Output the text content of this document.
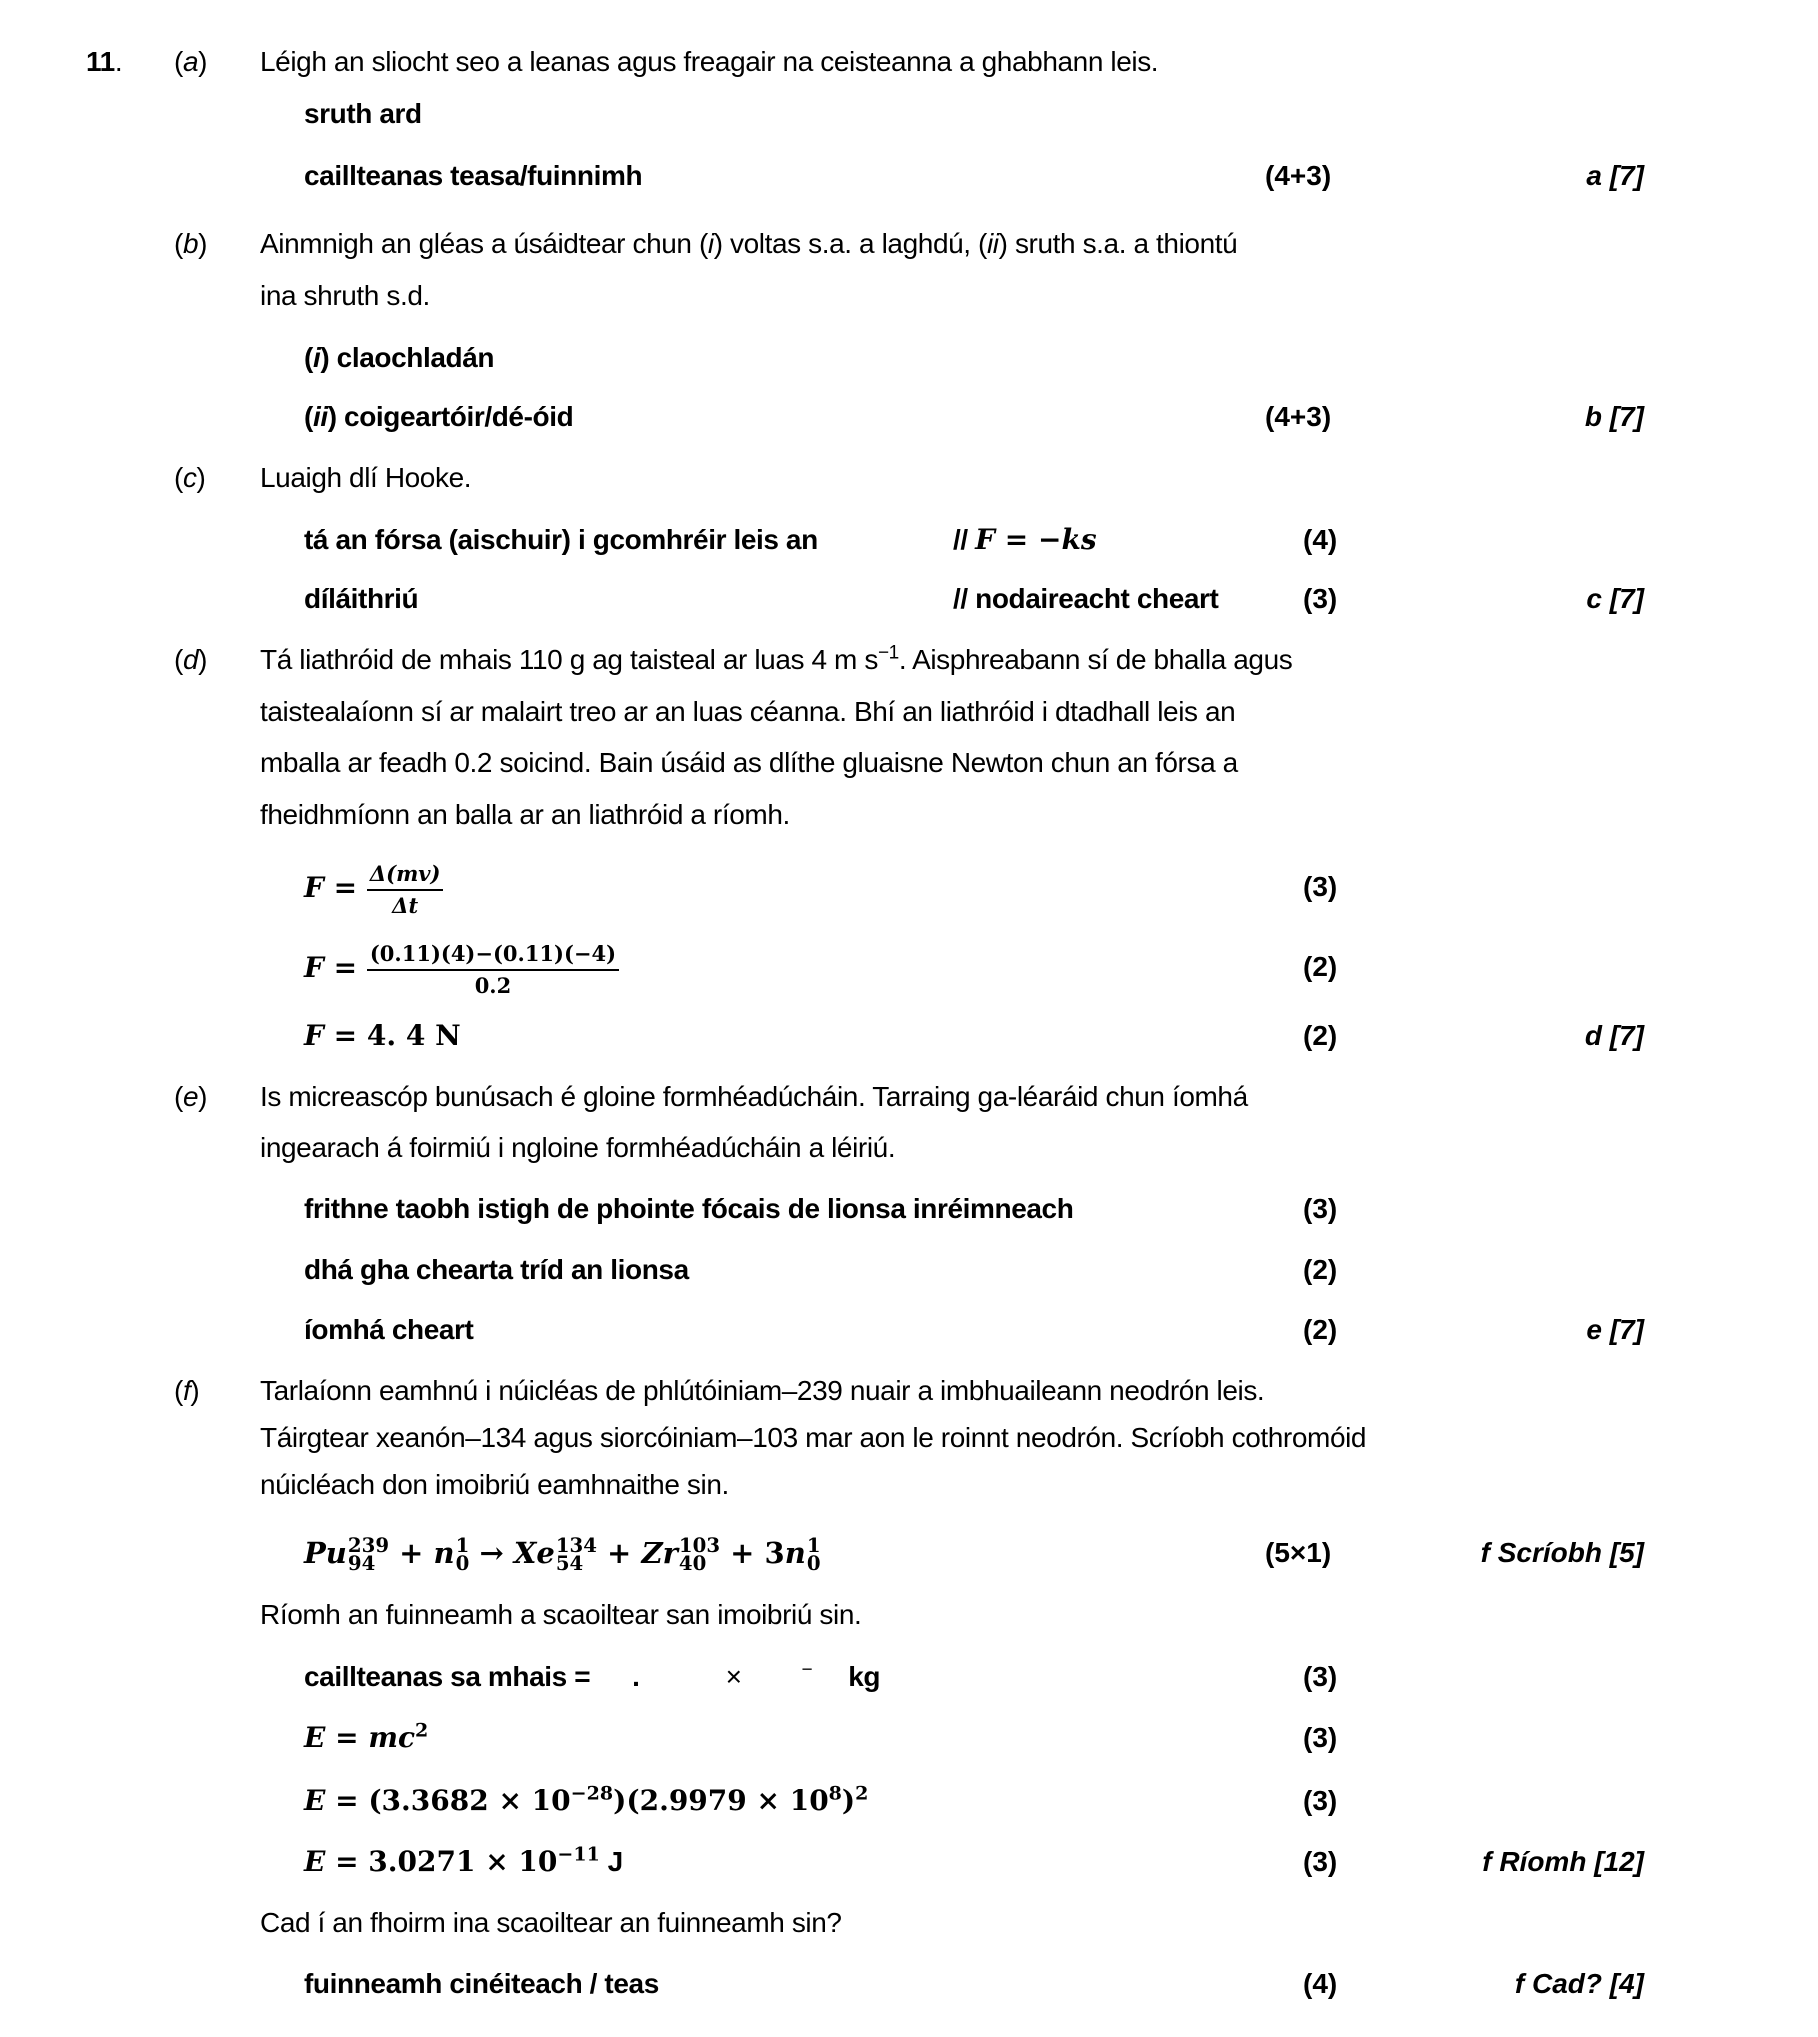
11. (a) Léigh an sliocht seo a leanas agus freagair na ceisteanna a ghabhann leis.
sruth ard
caillteanas teasa/fuinnimh	(4+3)	a [7]
(b) Ainmnigh an gléas a úsáidtear chun (i) voltas s.a. a laghdú, (ii) sruth s.a. a thiontú
ina shruth s.d.
(i) claochladán
(ii) coigeartóir/dé-óid	(4+3)	b [7]
(c) Luaigh dlí Hooke.
tá an fórsa (aischuir) i gcomhréir leis an	// F = −ks	(4)
díláithriú	// nodaireacht cheart	(3)	c [7]
(d) Tá liathróid de mhais 110 g ag taisteal ar luas 4 m $s^{-1}$. Aisphreabann sí de bhalla agus
taistealaíonn sí ar malairt treo ar an luas céanna. Bhí an liathróid i dtadhall leis an
mballa ar feadh 0.2 soicind. Bain úsáid as dlíthe gluaisne Newton chun an fórsa a
fheidhmíonn an balla ar an liathróid a ríomh.
$F = \frac{\Delta(mv)}{\Delta t}$	(3)
$F = \frac{(0.11)(4)-(0.11)(-4)}{0.2}$	(2)
F = 4. 4 N	(2)	d [7]
(e) Is micreascóp bunúsach é gloine formhéadúcháin. Tarraing ga-léaráid chun íomhá
ingearach á foirmiú i ngloine formhéadúcháin a léiriú.
frithne taobh istigh de phointe fócais de lionsa inréimneach	(3)
dhá gha chearta tríd an lionsa	(2)
íomhá cheart	(2)	e [7]
(f) Tarlaíonn eamhnú i núicléas de phlútóiniam–239 nuair a imbhuaileann neodrón leis.
Táirgtear xeanón–134 agus siorcóiniam–103 mar aon le roinnt neodrón. Scríobh cothromóid
núicléach don imoibriú eamhnaithe sin.
Pu 239
94 + n 1
0 → Xe 134
54 + Zr 103
40 + 3n 1
0	(5×1)	f Scríobh [5]
Ríomh an fuinneamh a scaoiltear san imoibriú sin.
caillteanas sa mhais = .	×	− kg	(3)
$E = mc^2$	(3)
$E = (3.3682 \times 10^{-28})(2.9979 \times 10^8)^2$	(3)
$E = 3.0271 \times 10^{-11}$ J	(3)	f Ríomh [12]
Cad í an fhoirm ina scaoiltear an fuinneamh sin?
fuinneamh cinéiteach / teas	(4)	f Cad? [4]
